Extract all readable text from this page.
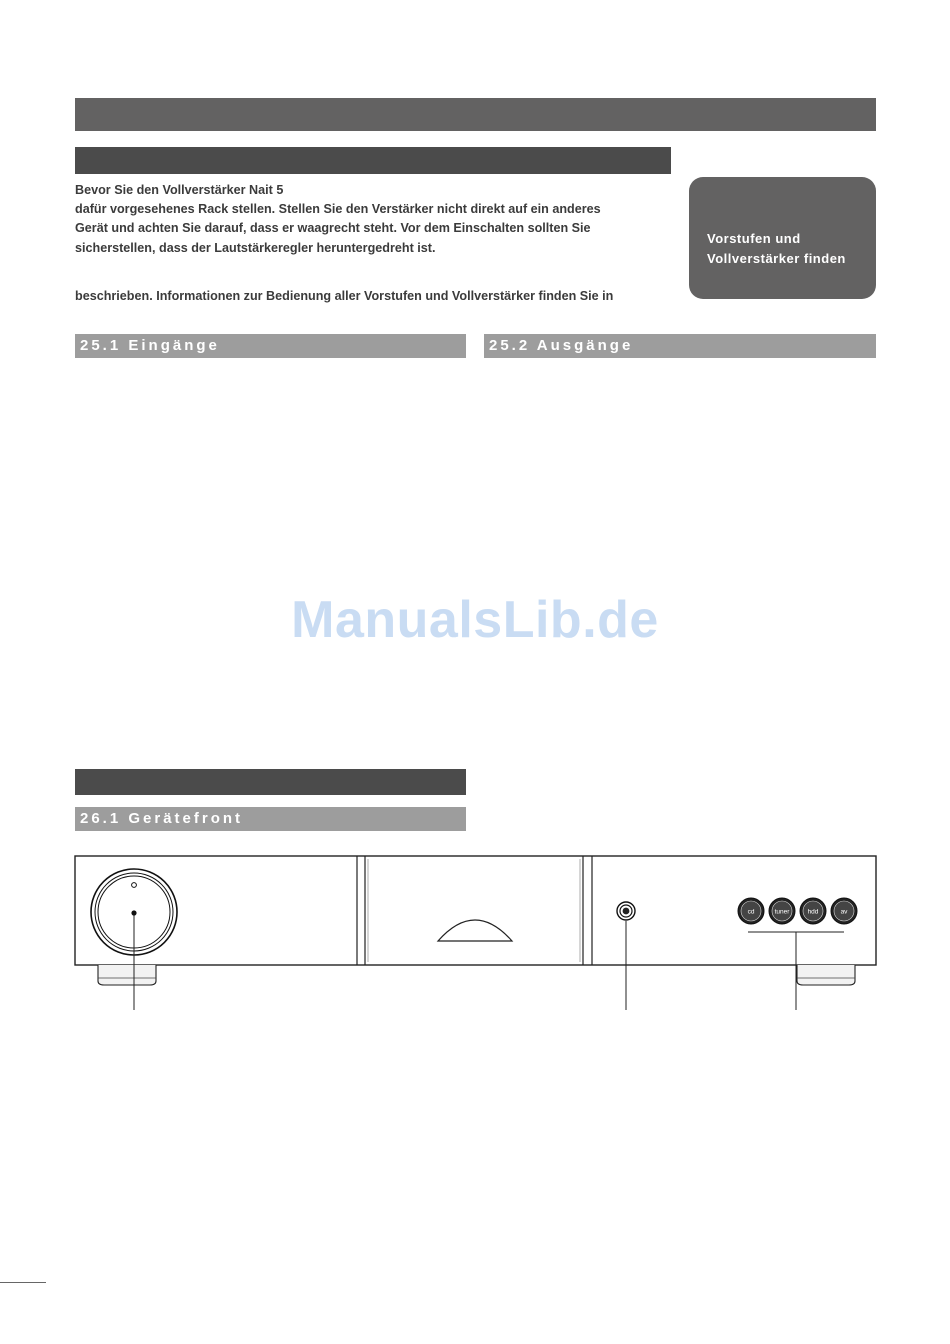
Bevor Sie den Vollverstärker Nait 5

dafür vorgesehenes Rack stellen. Stellen Sie den Verstärker nicht direkt auf ein anderes

Gerät und achten Sie darauf, dass er waagrecht steht. Vor dem Einschalten sollten Sie

sicherstellen, dass der Lautstärkeregler heruntergedreht ist.

beschrieben. Informationen zur Bedienung aller Vorstufen und Vollverstärker finden Sie in
Vorstufen und
Vollverstärker finden
25.1 Eingänge	25.2 Ausgänge
ManualsLib.de
26.1 Gerätefront
cd	tuner	hdd	av
